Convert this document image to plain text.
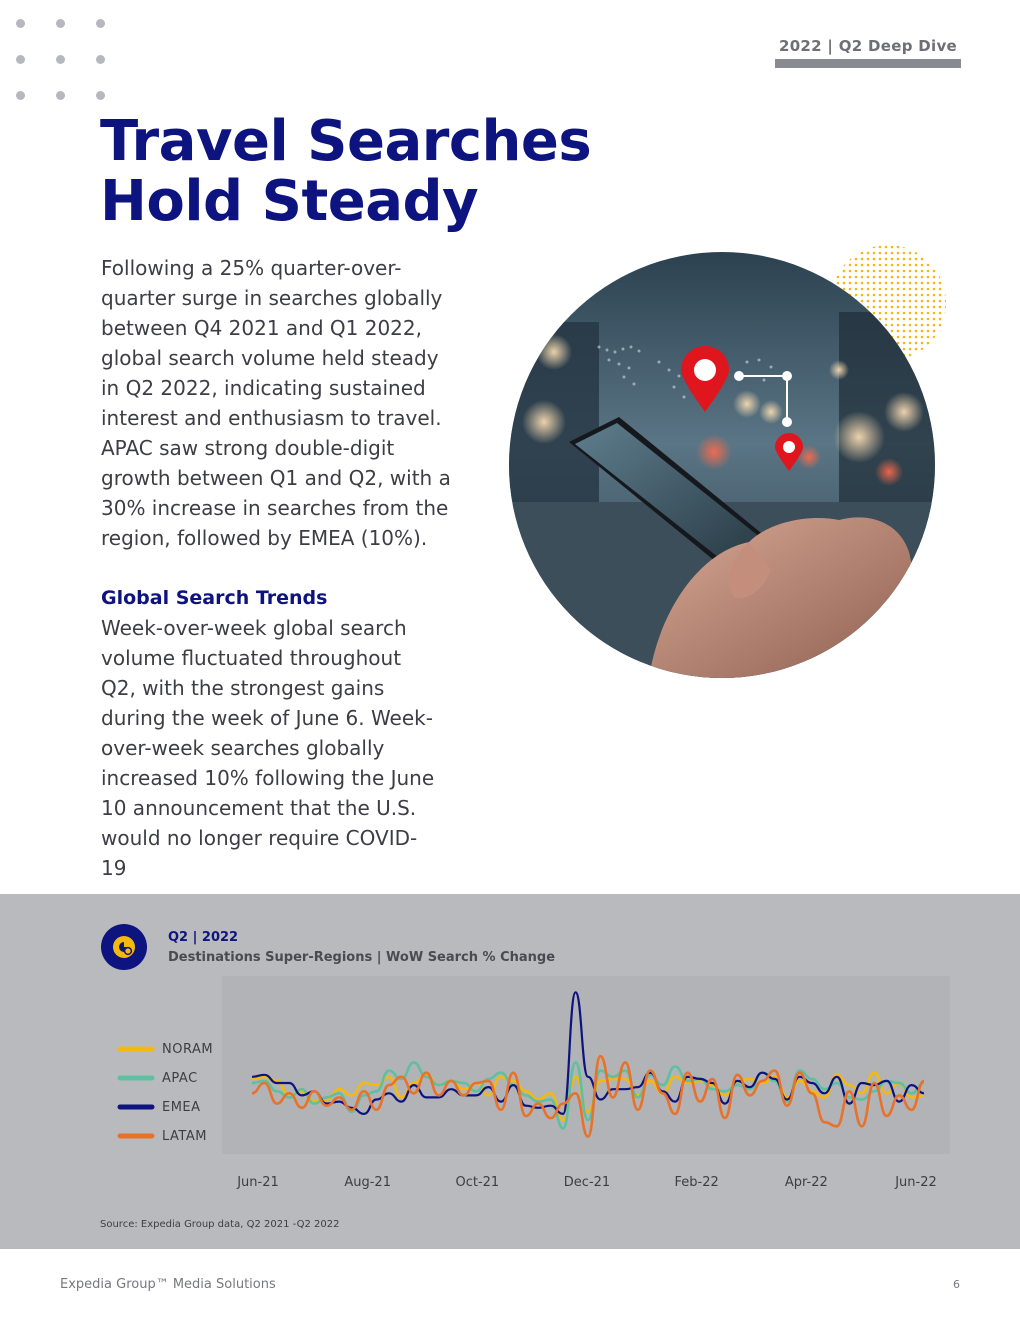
2022 | Q2 Deep Dive
Travel Searches
Hold Steady
Following a 25% quarter-over-quarter surge in searches globally between Q4 2021 and Q1 2022, global search volume held steady in Q2 2022, indicating sustained interest and enthusiasm to travel. APAC saw strong double-digit growth between Q1 and Q2, with a 30% increase in searches from the region, followed by EMEA (10%).
Global Search Trends
Week-over-week global search volume fluctuated throughout Q2, with the strongest gains during the week of June 6. Week-over-week searches globally increased 10% following the June 10 announcement that the U.S. would no longer require COVID-19
Q2 | 2022
Destinations Super-Regions | WoW Search % Change
NORAM
APAC
EMEA
LATAM
Jun-21	Aug-21	Oct-21	Dec-21	Feb-22	Apr-22	Jun-22
Source: Expedia Group data, Q2 2021 -Q2 2022
Expedia Group™ Media Solutions	6
